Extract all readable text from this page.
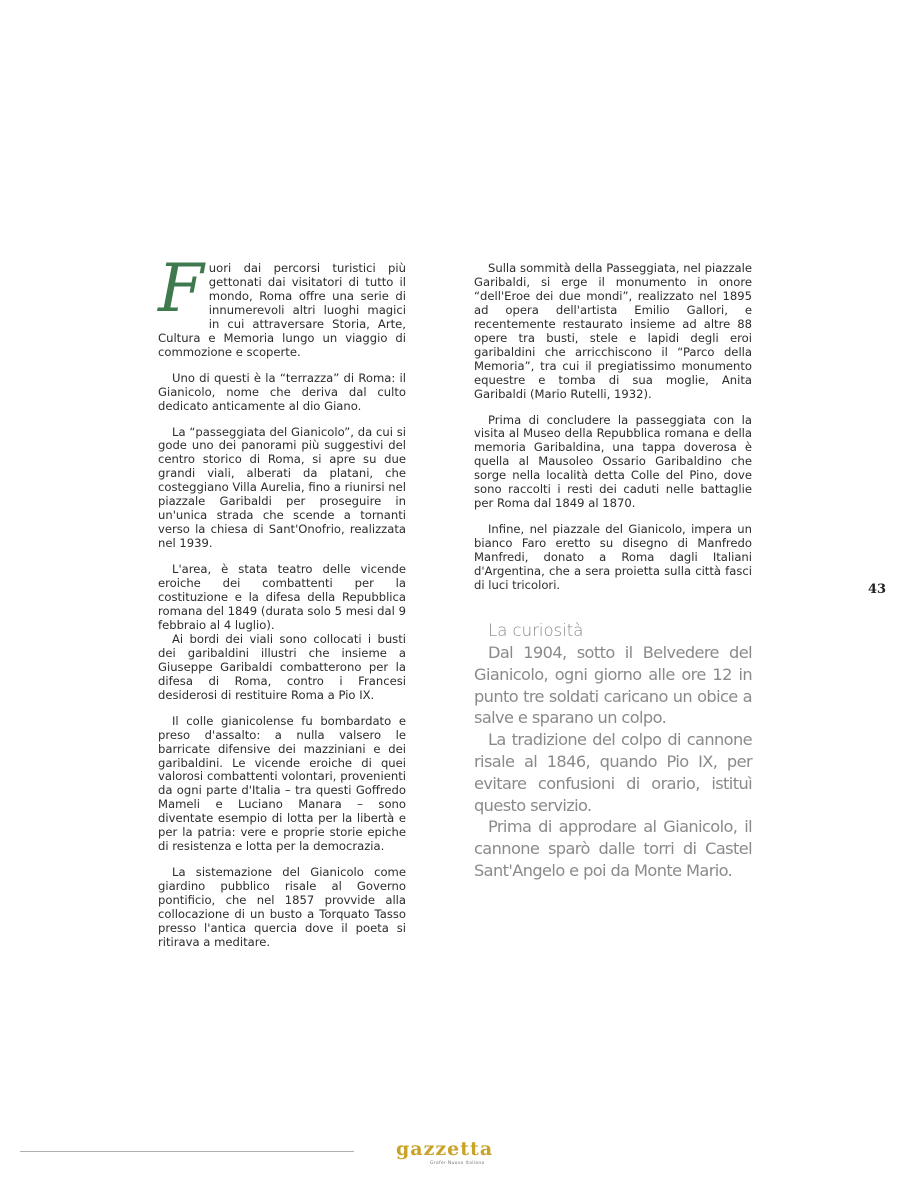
Fuori dai percorsi turistici più gettonati dai visitatori di tutto il mondo, Roma offre una serie di innumerevoli altri luoghi magici in cui attraversare Storia, Arte, Cultura e Memoria lungo un viaggio di commozione e scoperte.

Uno di questi è la “terrazza” di Roma: il Gianicolo, nome che deriva dal culto dedicato anticamente al dio Giano.

La “passeggiata del Gianicolo”, da cui si gode uno dei panorami più suggestivi del centro storico di Roma, si apre su due grandi viali, alberati da platani, che costeggiano Villa Aurelia, fino a riunirsi nel piazzale Garibaldi per proseguire in un'unica strada che scende a tornanti verso la chiesa di Sant'Onofrio, realizzata nel 1939.

L'area, è stata teatro delle vicende eroiche dei combattenti per la costituzione e la difesa della Repubblica romana del 1849 (durata solo 5 mesi dal 9 febbraio al 4 luglio).

Ai bordi dei viali sono collocati i busti dei garibaldini illustri che insieme a Giuseppe Garibaldi combatterono per la difesa di Roma, contro i Francesi desiderosi di restituire Roma a Pio IX.

Il colle gianicolense fu bombardato e preso d'assalto: a nulla valsero le barricate difensive dei mazziniani e dei garibaldini. Le vicende eroiche di quei valorosi combattenti volontari, provenienti da ogni parte d'Italia – tra questi Goffredo Mameli e Luciano Manara – sono diventate esempio di lotta per la libertà e per la patria: vere e proprie storie epiche di resistenza e lotta per la democrazia.

La sistemazione del Gianicolo come giardino pubblico risale al Governo pontificio, che nel 1857 provvide alla collocazione di un busto a Torquato Tasso presso l'antica quercia dove il poeta si ritirava a meditare.

Sulla sommità della Passeggiata, nel piazzale Garibaldi, si erge il monumento in onore “dell'Eroe dei due mondi”, realizzato nel 1895 ad opera dell'artista Emilio Gallori, e recentemente restaurato insieme ad altre 88 opere tra busti, stele e lapidi degli eroi garibaldini che arricchiscono il “Parco della Memoria”, tra cui il pregiatissimo monumento equestre e tomba di sua moglie, Anita Garibaldi (Mario Rutelli, 1932).

Prima di concludere la passeggiata con la visita al Museo della Repubblica romana e della memoria Garibaldina, una tappa doverosa è quella al Mausoleo Ossario Garibaldino che sorge nella località detta Colle del Pino, dove sono raccolti i resti dei caduti nelle battaglie per Roma dal 1849 al 1870.

Infine, nel piazzale del Gianicolo, impera un bianco Faro eretto su disegno di Manfredo Manfredi, donato a Roma dagli Italiani d'Argentina, che a sera proietta sulla città fasci di luci tricolori.

La curiosità

Dal 1904, sotto il Belvedere del Gianicolo, ogni giorno alle ore 12 in punto tre soldati caricano un obice a salve e sparano un colpo.

La tradizione del colpo di cannone risale al 1846, quando Pio IX, per evitare confusioni di orario, istituì questo servizio.

Prima di approdare al Gianicolo, il cannone sparò dalle torri di Castel Sant'Angelo e poi da Monte Mario.

43
gazzetta
Grafer·Nuovo Italiano
